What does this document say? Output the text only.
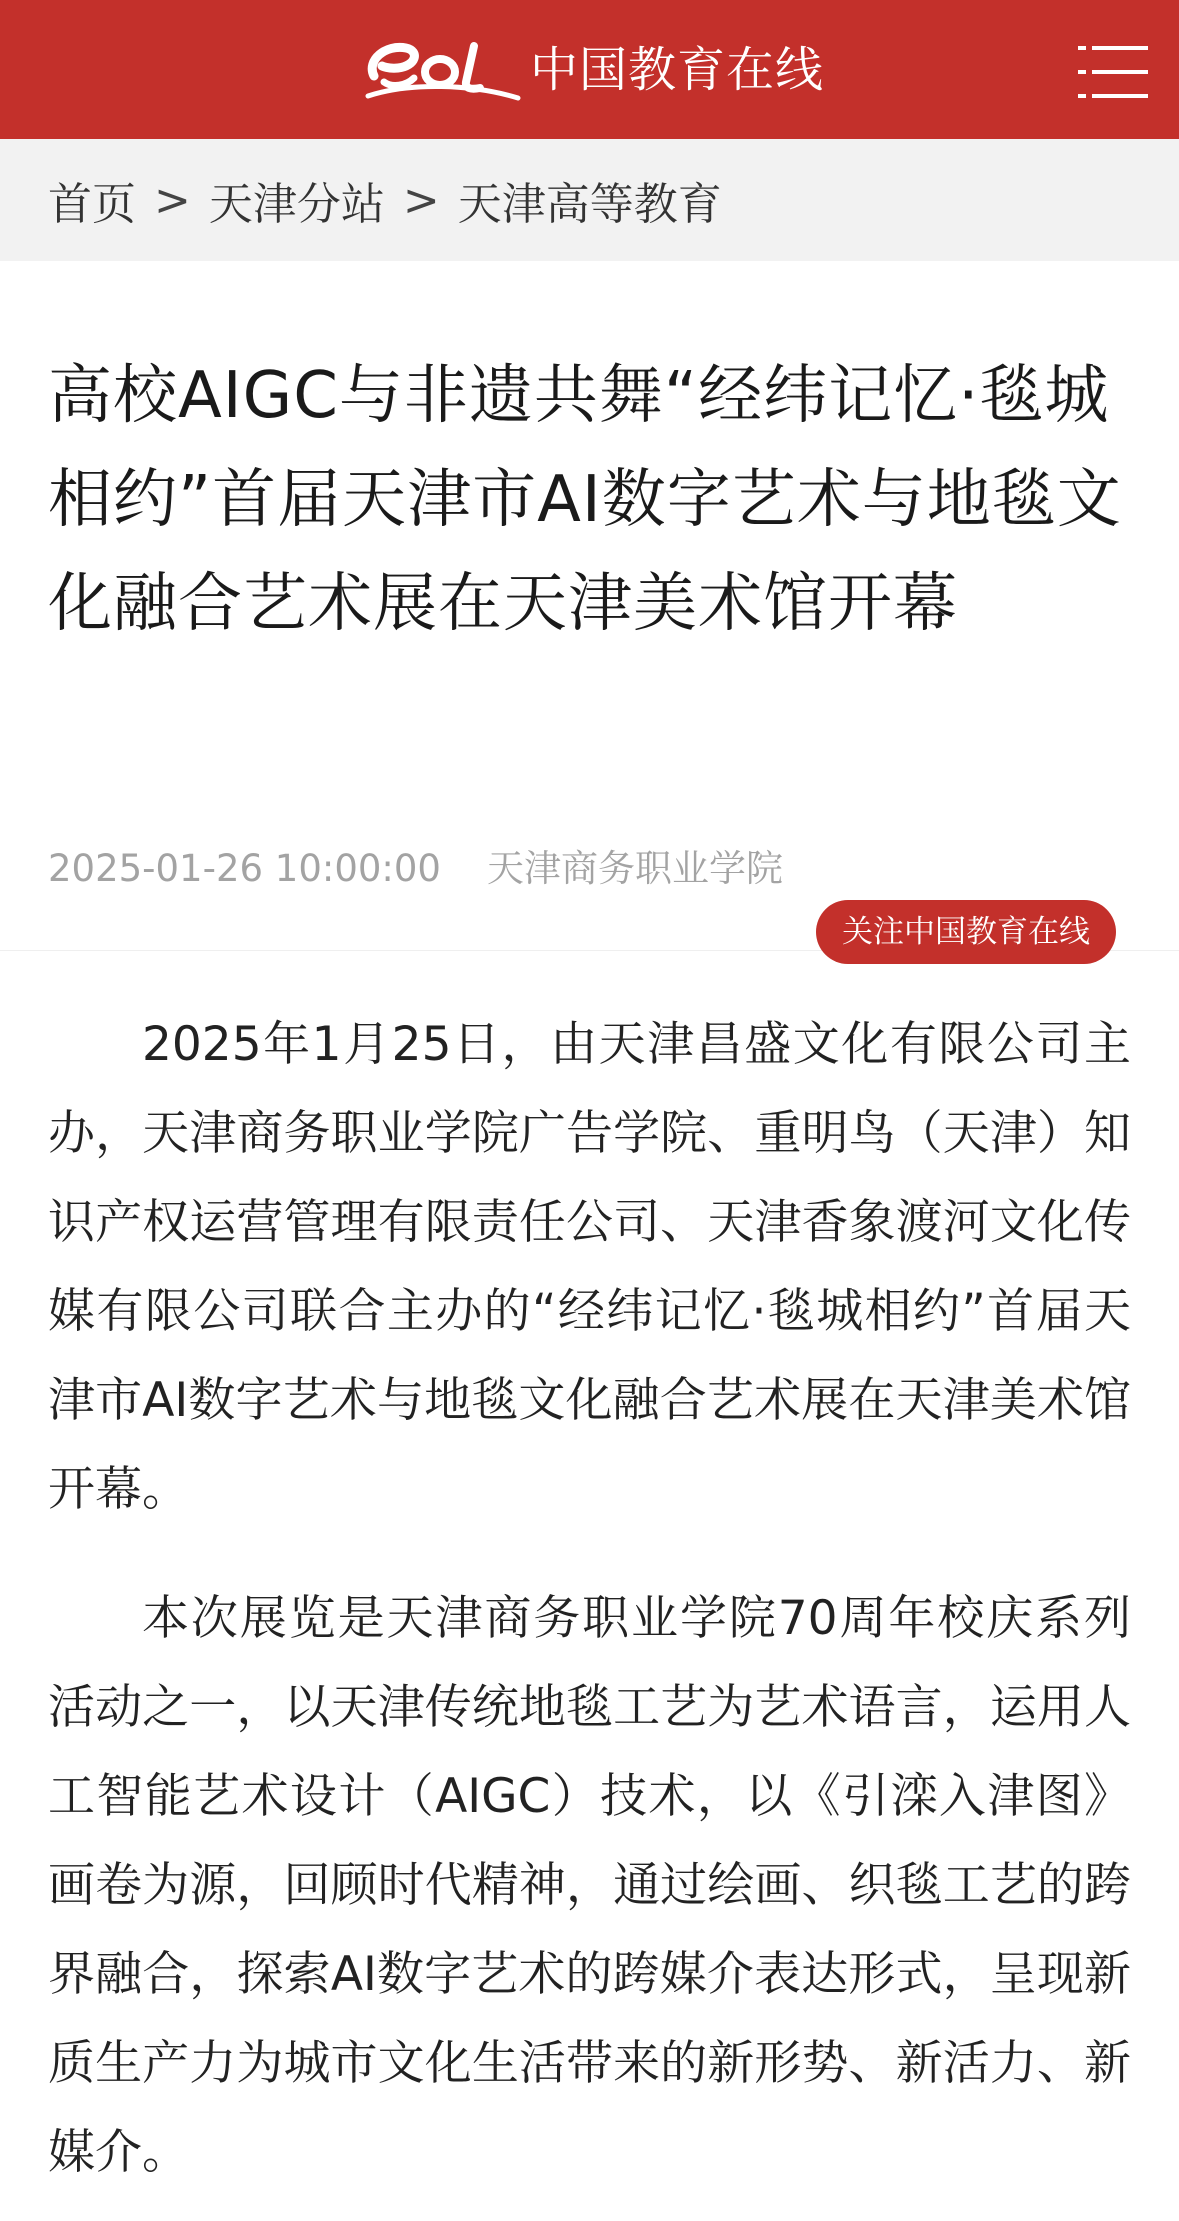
中国教育在线
首页 > 天津分站 > 天津高等教育
高校AIGC与非遗共舞“经纬记忆·毯城相约”首届天津市AI数字艺术与地毯文化融合艺术展在天津美术馆开幕
2025-01-26 10:00:00 天津商务职业学院
关注中国教育在线

2025年1月25日，由天津昌盛文化有限公司主办，天津商务职业学院广告学院、重明鸟（天津）知识产权运营管理有限责任公司、天津香象渡河文化传媒有限公司联合主办的“经纬记忆·毯城相约”首届天津市AI数字艺术与地毯文化融合艺术展在天津美术馆开幕。

本次展览是天津商务职业学院70周年校庆系列活动之一，以天津传统地毯工艺为艺术语言，运用人工智能艺术设计（AIGC）技术，以《引滦入津图》画卷为源，回顾时代精神，通过绘画、织毯工艺的跨界融合，探索AI数字艺术的跨媒介表达形式，呈现新质生产力为城市文化生活带来的新形势、新活力、新媒介。
